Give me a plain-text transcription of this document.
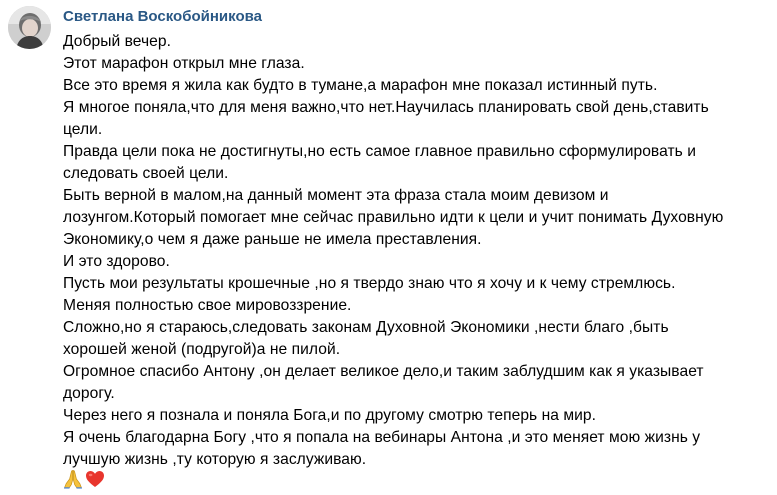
Светлана Воскобойникова
Добрый вечер.
Этот марафон открыл мне глаза.
Все это время я жила как будто в тумане,а марафон мне показал истинный путь.
Я многое поняла,что для меня важно,что нет.Научилась планировать свой день,ставить
цели.
Правда цели пока не достигнуты,но есть самое главное правильно сформулировать и
следовать своей цели.
Быть верной в малом,на данный момент эта фраза стала моим девизом и
лозунгом.Который помогает мне сейчас правильно идти к цели и учит понимать Духовную
Экономику,о чем я даже раньше не имела преставления.
И это здорово.
Пусть мои результаты крошечные ,но я твердо знаю что я хочу и к чему стремлюсь.
Меняя полностью свое мировоззрение.
Сложно,но я стараюсь,следовать законам Духовной Экономики ,нести благо ,быть
хорошей женой (подругой)а не пилой.
Огромное спасибо Антону ,он делает великое дело,и таким заблудшим как я указывает
дорогу.
Через него я познала и поняла Бога,и по другому смотрю теперь на мир.
Я очень благодарна Богу ,что я попала на вебинары Антона ,и это меняет мою жизнь у
лучшую жизнь ,ту которую я заслуживаю.
